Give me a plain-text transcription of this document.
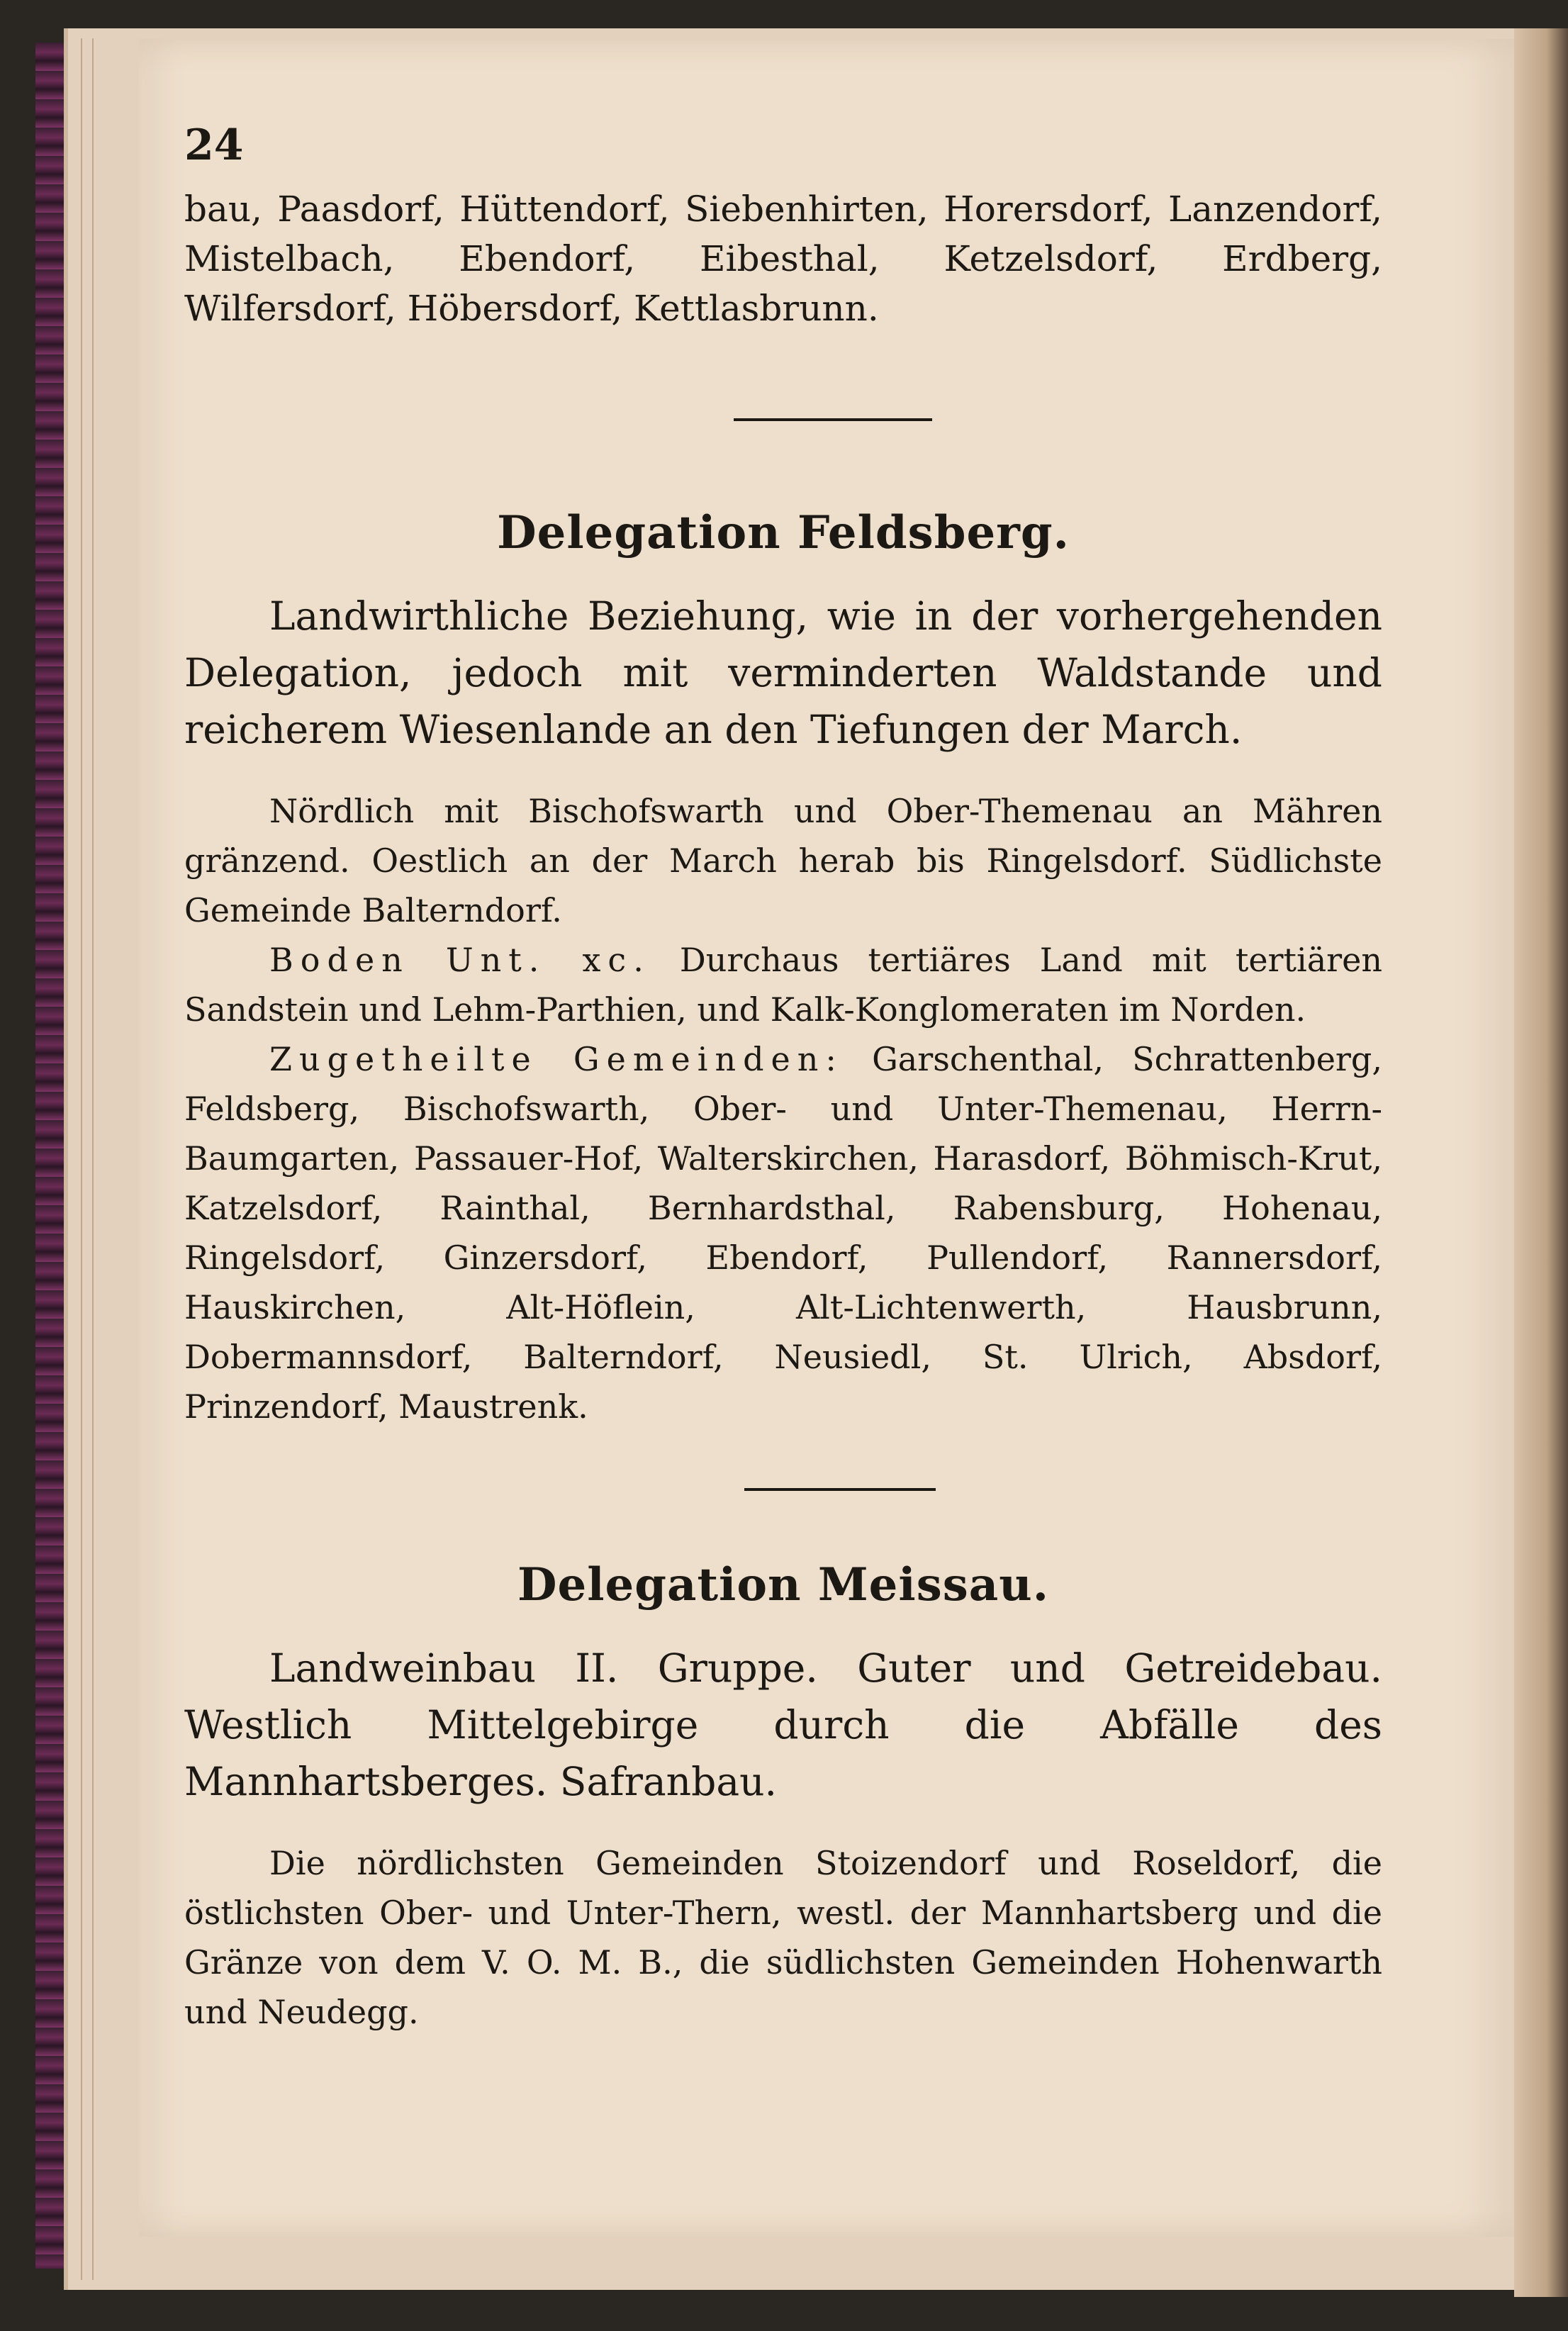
24

bau, Paasdorf, Hüttendorf, Siebenhirten, Horersdorf, Lanzendorf, Mistelbach, Ebendorf, Eibesthal, Ketzelsdorf, Erdberg, Wilfersdorf, Höbersdorf, Kettlasbrunn.

Delegation Feldsberg.

Landwirthliche Beziehung, wie in der vorhergehenden Delegation, jedoch mit verminderten Waldstande und reicherem Wiesenlande an den Tiefungen der March.

Nördlich mit Bischofswarth und Ober-Themenau an Mähren gränzend. Oestlich an der March herab bis Ringelsdorf. Südlichste Gemeinde Balterndorf.

Boden Unt. xc. Durchaus tertiäres Land mit tertiären Sandstein und Lehm-Parthien, und Kalk-Konglomeraten im Norden.

Zugetheilte Gemeinden: Garschenthal, Schrattenberg, Feldsberg, Bischofswarth, Ober- und Unter-Themenau, Herrn-Baumgarten, Passauer-Hof, Walterskirchen, Harasdorf, Böhmisch-Krut, Katzelsdorf, Rainthal, Bernhardsthal, Rabensburg, Hohenau, Ringelsdorf, Ginzersdorf, Ebendorf, Pullendorf, Rannersdorf, Hauskirchen, Alt-Höflein, Alt-Lichtenwerth, Hausbrunn, Dobermannsdorf, Balterndorf, Neusiedl, St. Ulrich, Absdorf, Prinzendorf, Maustrenk.

Delegation Meissau.

Landweinbau II. Gruppe. Guter und Getreidebau. Westlich Mittelgebirge durch die Abfälle des Mannhartsberges. Safranbau.

Die nördlichsten Gemeinden Stoizendorf und Roseldorf, die östlichsten Ober- und Unter-Thern, westl. der Mannhartsberg und die Gränze von dem V. O. M. B., die südlichsten Gemeinden Hohenwarth und Neudegg.
